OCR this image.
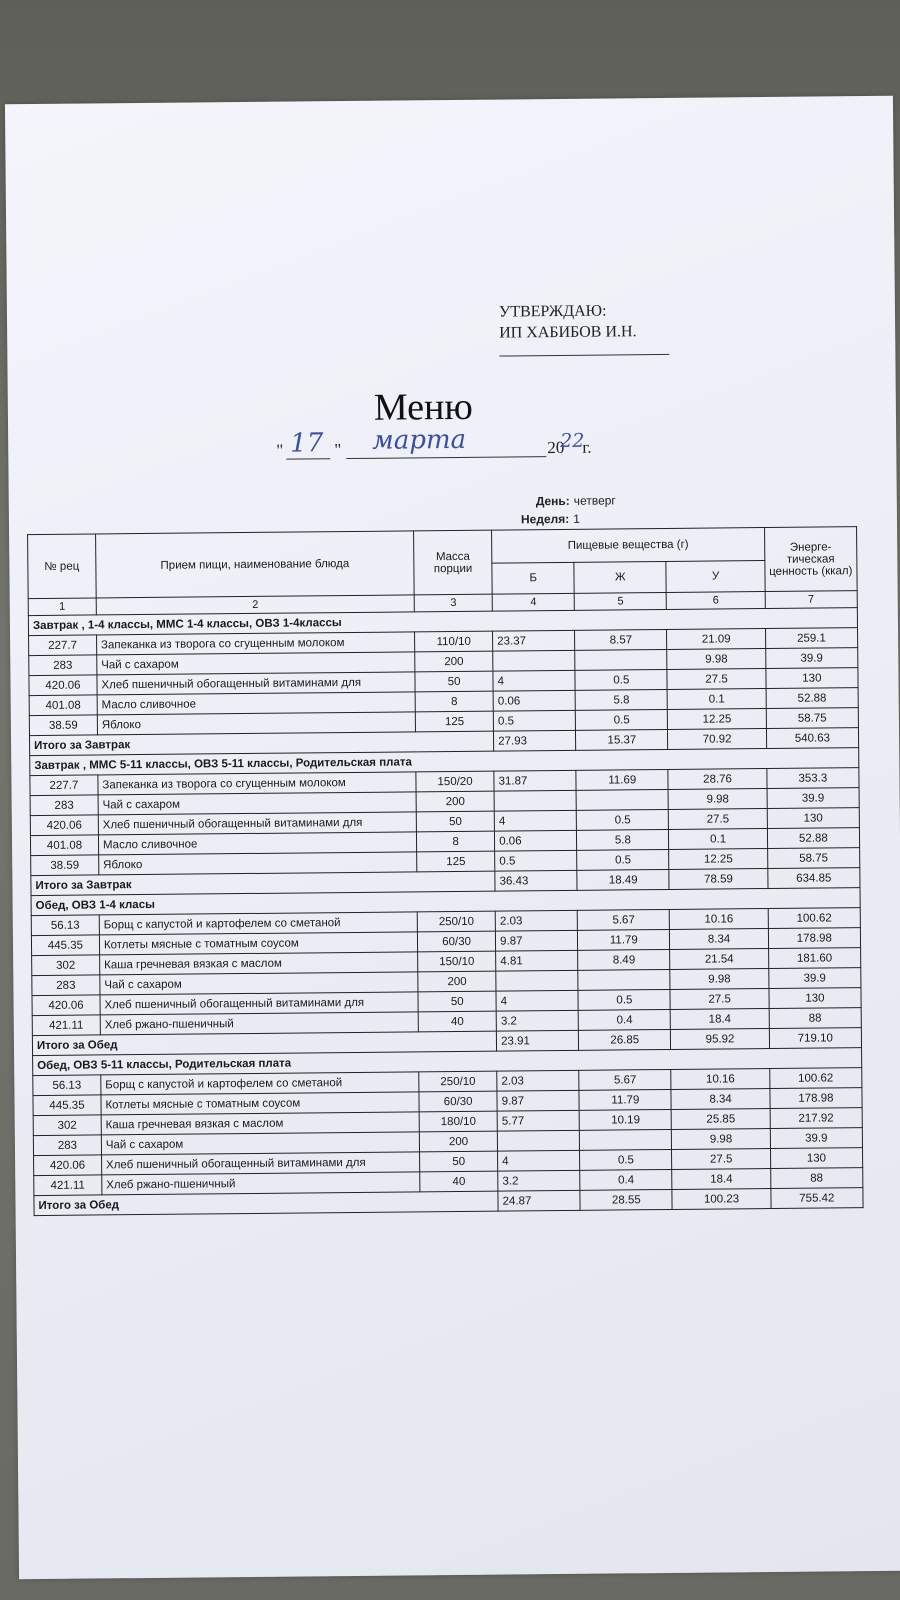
УТВЕРЖДАЮ:
ИП ХАБИБОВ И.Н.
Меню
" 17 " марта	20
22
г.
День: четверг
Неделя: 1
№ рец	Прием пищи, наименование блюда	Масса порции	Пищевые вещества (г)			Энерге-тическая ценность (ккал)
			Б	Ж	У	
1	2	3	4	5	6	7
Завтрак , 1-4 классы, ММС 1-4 классы, ОВЗ 1-4классы						
227.7	Запеканка из творога со сгущенным молоком	110/10	23.37	8.57	21.09	259.1
283	Чай с сахаром	200			9.98	39.9
420.06	Хлеб пшеничный обогащенный витаминами для	50	4	0.5	27.5	130
401.08	Масло сливочное	8	0.06	5.8	0.1	52.88
38.59	Яблоко	125	0.5	0.5	12.25	58.75
Итого за Завтрак			27.93	15.37	70.92	540.63
Завтрак , ММС 5-11 классы, ОВЗ 5-11 классы, Родительская плата						
227.7	Запеканка из творога со сгущенным молоком	150/20	31.87	11.69	28.76	353.3
283	Чай с сахаром	200			9.98	39.9
420.06	Хлеб пшеничный обогащенный витаминами для	50	4	0.5	27.5	130
401.08	Масло сливочное	8	0.06	5.8	0.1	52.88
38.59	Яблоко	125	0.5	0.5	12.25	58.75
Итого за Завтрак			36.43	18.49	78.59	634.85
Обед, ОВЗ 1-4 класы						
56.13	Борщ с капустой и картофелем со сметаной	250/10	2.03	5.67	10.16	100.62
445.35	Котлеты мясные с томатным соусом	60/30	9.87	11.79	8.34	178.98
302	Каша гречневая вязкая с маслом	150/10	4.81	8.49	21.54	181.60
283	Чай с сахаром	200			9.98	39.9
420.06	Хлеб пшеничный обогащенный витаминами для	50	4	0.5	27.5	130
421.11	Хлеб ржано-пшеничный	40	3.2	0.4	18.4	88
Итого за Обед			23.91	26.85	95.92	719.10
Обед, ОВЗ 5-11 классы, Родительская плата						
56.13	Борщ с капустой и картофелем со сметаной	250/10	2.03	5.67	10.16	100.62
445.35	Котлеты мясные с томатным соусом	60/30	9.87	11.79	8.34	178.98
302	Каша гречневая вязкая с маслом	180/10	5.77	10.19	25.85	217.92
283	Чай с сахаром	200			9.98	39.9
420.06	Хлеб пшеничный обогащенный витаминами для	50	4	0.5	27.5	130
421.11	Хлеб ржано-пшеничный	40	3.2	0.4	18.4	88
Итого за Обед			24.87	28.55	100.23	755.42
